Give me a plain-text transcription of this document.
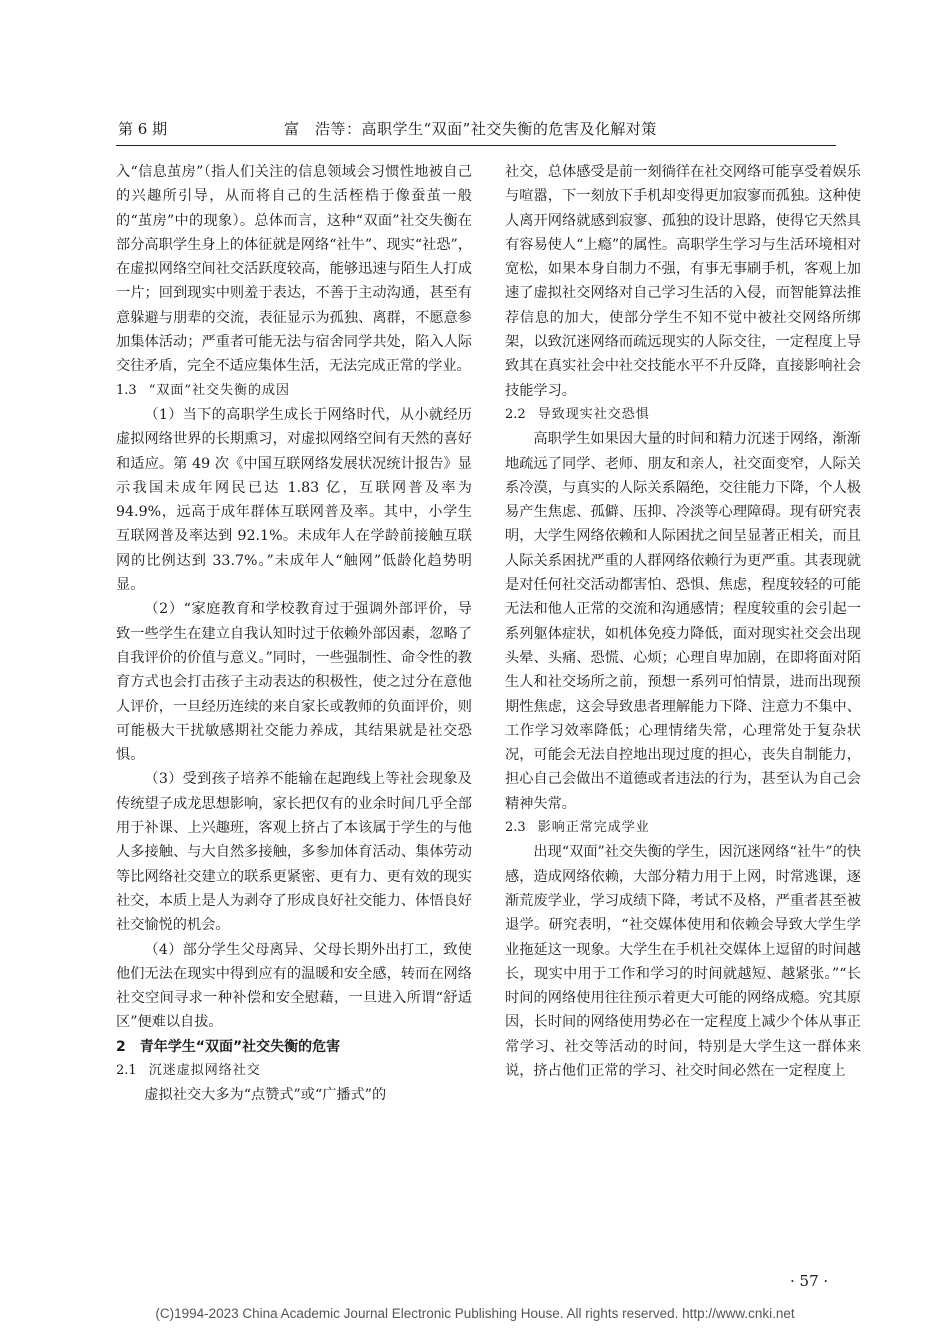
第 6 期	富　浩等：高职学生“双面”社交失衡的危害及化解对策

入“信息茧房”（指人们关注的信息领域会习惯性地被自己的兴趣所引导，从而将自己的生活桎梏于像蚕茧一般的“茧房”中的现象）。总体而言，这种“双面”社交失衡在部分高职学生身上的体征就是网络“社牛”、现实“社恐”，在虚拟网络空间社交活跃度较高，能够迅速与陌生人打成一片；回到现实中则羞于表达，不善于主动沟通，甚至有意躲避与朋辈的交流，表征显示为孤独、离群，不愿意参加集体活动；严重者可能无法与宿舍同学共处，陷入人际交往矛盾，完全不适应集体生活，无法完成正常的学业。

1.3 “双面”社交失衡的成因

（1）当下的高职学生成长于网络时代，从小就经历虚拟网络世界的长期熏习，对虚拟网络空间有天然的喜好和适应。第 49 次《中国互联网络发展状况统计报告》显示我国未成年网民已达 1.83 亿，互联网普及率为 94.9%，远高于成年群体互联网普及率。其中，小学生互联网普及率达到 92.1%。未成年人在学龄前接触互联网的比例达到 33.7%。”未成年人“触网”低龄化趋势明显。

（2）“家庭教育和学校教育过于强调外部评价，导致一些学生在建立自我认知时过于依赖外部因素，忽略了自我评价的价值与意义。”同时，一些强制性、命令性的教育方式也会打击孩子主动表达的积极性，使之过分在意他人评价，一旦经历连续的来自家长或教师的负面评价，则可能极大干扰敏感期社交能力养成，其结果就是社交恐惧。

（3）受到孩子培养不能输在起跑线上等社会现象及传统望子成龙思想影响，家长把仅有的业余时间几乎全部用于补课、上兴趣班，客观上挤占了本该属于学生的与他人多接触、与大自然多接触，多参加体育活动、集体劳动等比网络社交建立的联系更紧密、更有力、更有效的现实社交，本质上是人为剥夺了形成良好社交能力、体悟良好社交愉悦的机会。

（4）部分学生父母离异、父母长期外出打工，致使他们无法在现实中得到应有的温暖和安全感，转而在网络社交空间寻求一种补偿和安全慰藉，一旦进入所谓“舒适区”便难以自拔。

2 青年学生“双面”社交失衡的危害
2.1 沉迷虚拟网络社交

虚拟社交大多为“点赞式”或“广播式”的

社交，总体感受是前一刻徜徉在社交网络可能享受着娱乐与喧嚣，下一刻放下手机却变得更加寂寥而孤独。这种使人离开网络就感到寂寥、孤独的设计思路，使得它天然具有容易使人“上瘾”的属性。高职学生学习与生活环境相对宽松，如果本身自制力不强，有事无事刷手机，客观上加速了虚拟社交网络对自己学习生活的入侵，而智能算法推荐信息的加大，使部分学生不知不觉中被社交网络所绑架，以致沉迷网络而疏远现实的人际交往，一定程度上导致其在真实社会中社交技能水平不升反降，直接影响社会技能学习。

2.2 导致现实社交恐惧

高职学生如果因大量的时间和精力沉迷于网络，渐渐地疏远了同学、老师、朋友和亲人，社交面变窄，人际关系冷漠，与真实的人际关系隔绝，交往能力下降，个人极易产生焦虑、孤僻、压抑、冷淡等心理障碍。现有研究表明，大学生网络依赖和人际困扰之间呈显著正相关，而且人际关系困扰严重的人群网络依赖行为更严重。其表现就是对任何社交活动都害怕、恐惧、焦虑，程度较轻的可能无法和他人正常的交流和沟通感情；程度较重的会引起一系列躯体症状，如机体免疫力降低，面对现实社交会出现头晕、头痛、恐慌、心烦；心理自卑加剧，在即将面对陌生人和社交场所之前，预想一系列可怕情景，进而出现预期性焦虑，这会导致患者理解能力下降、注意力不集中、工作学习效率降低；心理情绪失常，心理常处于复杂状况，可能会无法自控地出现过度的担心，丧失自制能力，担心自己会做出不道德或者违法的行为，甚至认为自己会精神失常。

2.3 影响正常完成学业

出现“双面”社交失衡的学生，因沉迷网络“社牛”的快感，造成网络依赖，大部分精力用于上网，时常逃课，逐渐荒废学业，学习成绩下降，考试不及格，严重者甚至被退学。研究表明，“社交媒体使用和依赖会导致大学生学业拖延这一现象。大学生在手机社交媒体上逗留的时间越长，现实中用于工作和学习的时间就越短、越紧张。”“长时间的网络使用往往预示着更大可能的网络成瘾。究其原因，长时间的网络使用势必在一定程度上减少个体从事正常学习、社交等活动的时间，特别是大学生这一群体来说，挤占他们正常的学习、社交时间必然在一定程度上

· 57 ·
(C)1994-2023 China Academic Journal Electronic Publishing House. All rights reserved. http://www.cnki.net
